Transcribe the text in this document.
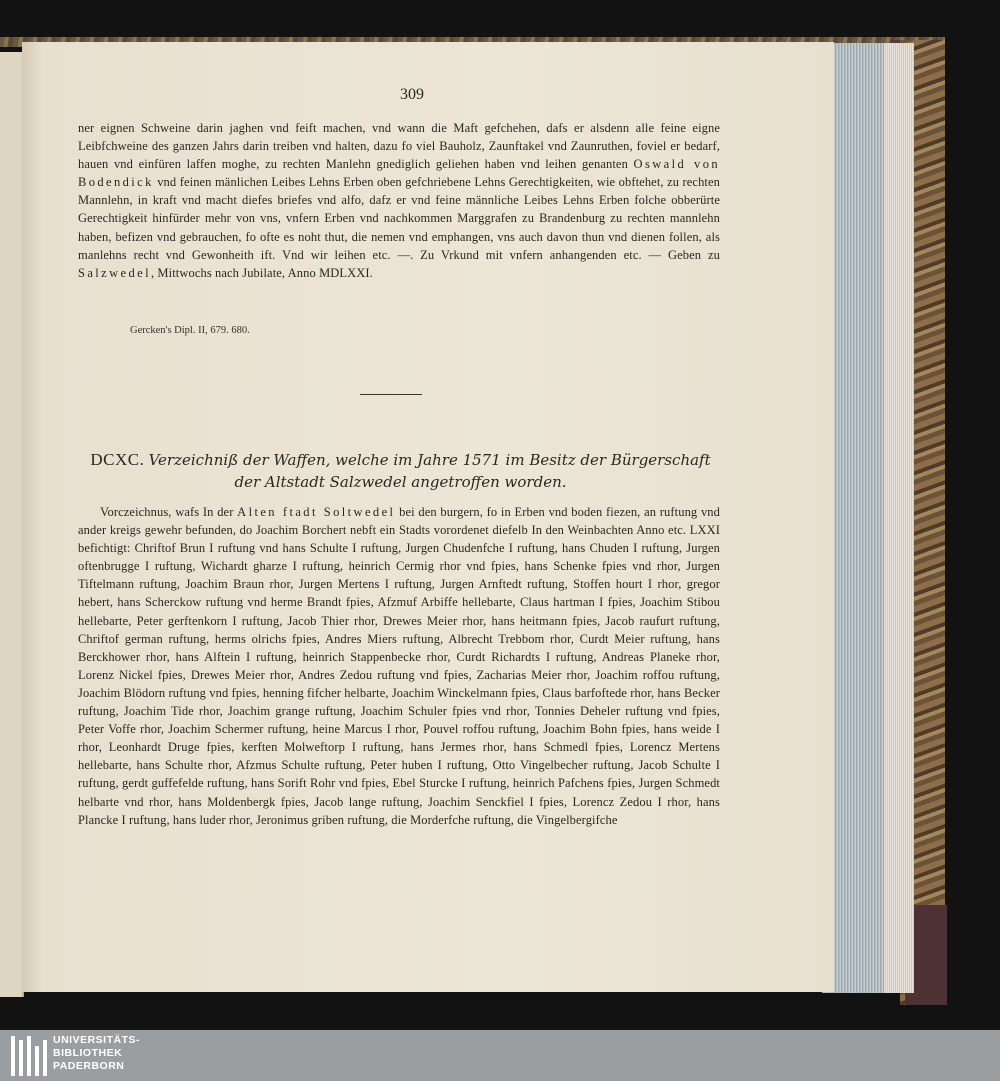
309

ner eignen Schweine darin jaghen vnd feift machen, vnd wann die Maft gefchehen, dafs er alsdenn alle feine eigne Leibfchweine des ganzen Jahrs darin treiben vnd halten, dazu fo viel Bauholz, Zaunftakel vnd Zaunruthen, foviel er bedarf, hauen vnd einfüren laffen moghe, zu rechten Manlehn gnediglich geliehen haben vnd leihen genanten Oswald von Bodendick vnd feinen mänlichen Leibes Lehns Erben oben gefchriebene Lehns Gerechtigkeiten, wie obftehet, zu rechten Mannlehn, in kraft vnd macht diefes briefes vnd alfo, dafz er vnd feine männliche Leibes Lehns Erben folche obberürte Gerechtigkeit hinfürder mehr von vns, vnfern Erben vnd nachkommen Marggrafen zu Brandenburg zu rechten mannlehn haben, befizen vnd gebrauchen, fo ofte es noht thut, die nemen vnd emphangen, vns auch davon thun vnd dienen follen, als manlehns recht vnd Gewonheith ift. Vnd wir leihen etc. —. Zu Vrkund mit vnfern anhangenden etc. — Geben zu Salzwedel, Mittwochs nach Jubilate, Anno MDLXXI.

Gercken's Dipl. II, 679. 680.
DCXC. Verzeichniß der Waffen, welche im Jahre 1571 im Besitz der Bürgerschaft der Altstadt Salzwedel angetroffen worden.

Vorczeichnus, wafs In der Alten ftadt Soltwedel bei den burgern, fo in Erben vnd boden fiezen, an ruftung vnd ander kreigs gewehr befunden, do Joachim Borchert nebft ein Stadts vorordenet diefelb In den Weinbachten Anno etc. LXXI befichtigt: Chriftof Brun I ruftung vnd hans Schulte I ruftung, Jurgen Chudenfche I ruftung, hans Chuden I ruftung, Jurgen oftenbrugge I ruftung, Wichardt gharze I ruftung, heinrich Cermig rhor vnd fpies, hans Schenke fpies vnd rhor, Jurgen Tiftelmann ruftung, Joachim Braun rhor, Jurgen Mertens I ruftung, Jurgen Arnftedt ruftung, Stoffen hourt I rhor, gregor hebert, hans Scherckow ruftung vnd herme Brandt fpies, Afzmuf Arbiffe hellebarte, Claus hartman I fpies, Joachim Stibou hellebarte, Peter gerftenkorn I ruftung, Jacob Thier rhor, Drewes Meier rhor, hans heitmann fpies, Jacob raufurt ruftung, Chriftof german ruftung, herms olrichs fpies, Andres Miers ruftung, Albrecht Trebbom rhor, Curdt Meier ruftung, hans Berckhower rhor, hans Alftein I ruftung, heinrich Stappenbecke rhor, Curdt Richardts I ruftung, Andreas Planeke rhor, Lorenz Nickel fpies, Drewes Meier rhor, Andres Zedou ruftung vnd fpies, Zacharias Meier rhor, Joachim roffou ruftung, Joachim Blödorn ruftung vnd fpies, henning fifcher helbarte, Joachim Winckelmann fpies, Claus barfoftede rhor, hans Becker ruftung, Joachim Tide rhor, Joachim grange ruftung, Joachim Schuler fpies vnd rhor, Tonnies Deheler ruftung vnd fpies, Peter Voffe rhor, Joachim Schermer ruftung, heine Marcus I rhor, Pouvel roffou ruftung, Joachim Bohn fpies, hans weide I rhor, Leonhardt Druge fpies, kerften Molweftorp I ruftung, hans Jermes rhor, hans Schmedl fpies, Lorencz Mertens hellebarte, hans Schulte rhor, Afzmus Schulte ruftung, Peter huben I ruftung, Otto Vingelbecher ruftung, Jacob Schulte I ruftung, gerdt guffefelde ruftung, hans Sorift Rohr vnd fpies, Ebel Sturcke I ruftung, heinrich Pafchens fpies, Jurgen Schmedt helbarte vnd rhor, hans Moldenbergk fpies, Jacob lange ruftung, Joachim Senckfiel I fpies, Lorencz Zedou I rhor, hans Plancke I ruftung, hans luder rhor, Jeronimus griben ruftung, die Morderfche ruftung, die Vingelbergifche

UNIVERSITÄTS-
BIBLIOTHEK
PADERBORN
